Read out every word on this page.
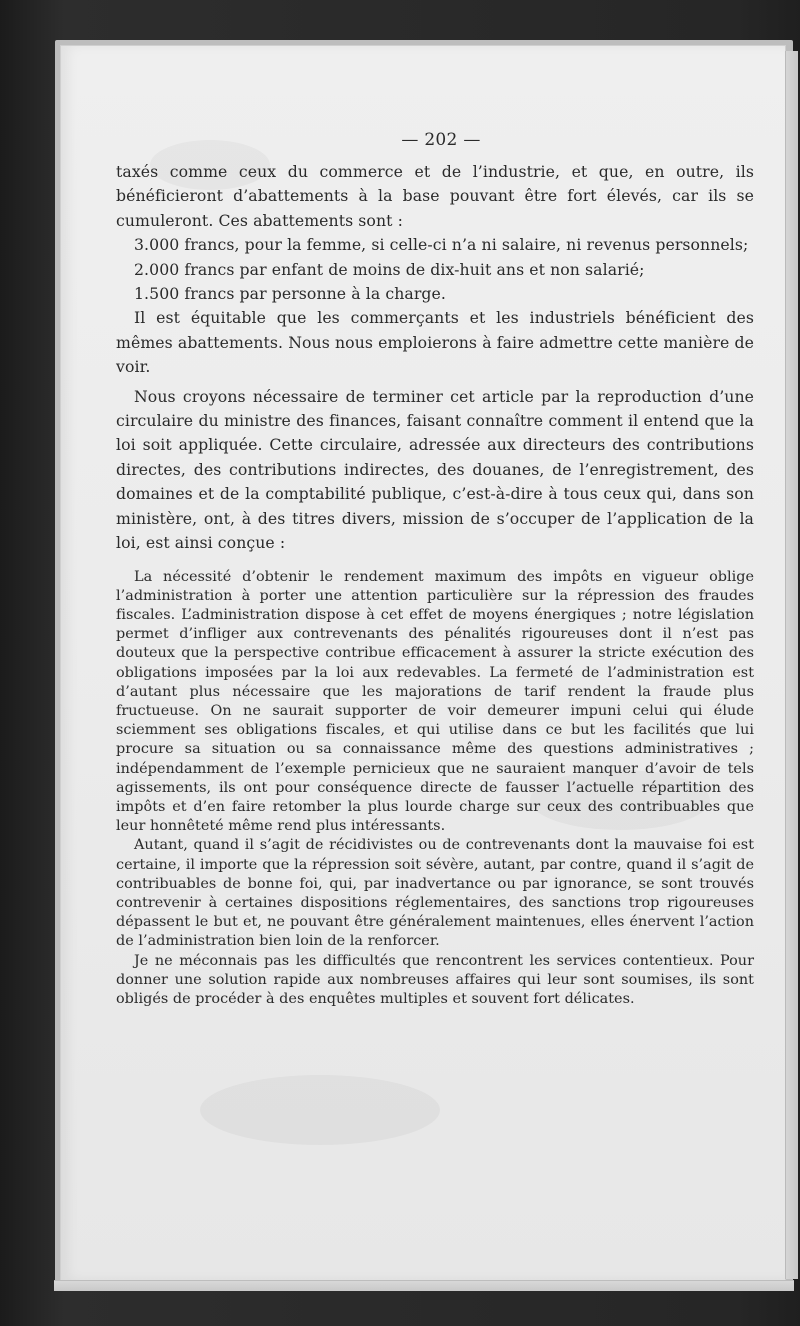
— 202 —

taxés comme ceux du commerce et de l’industrie, et que, en outre, ils bénéficieront d’abattements à la base pouvant être fort élevés, car ils se cumuleront. Ces abattements sont :

3.000 francs, pour la femme, si celle-ci n’a ni salaire, ni revenus personnels;

2.000 francs par enfant de moins de dix-huit ans et non salarié;

1.500 francs par personne à la charge.

Il est équitable que les commerçants et les industriels bénéficient des mêmes abattements. Nous nous emploierons à faire admettre cette manière de voir.

Nous croyons nécessaire de terminer cet article par la reproduction d’une circulaire du ministre des finances, faisant connaître comment il entend que la loi soit appliquée. Cette circulaire, adressée aux directeurs des contributions directes, des contributions indirectes, des douanes, de l’enregistrement, des domaines et de la comptabilité publique, c’est-à-dire à tous ceux qui, dans son ministère, ont, à des titres divers, mission de s’occuper de l’application de la loi, est ainsi conçue :

La nécessité d’obtenir le rendement maximum des impôts en vigueur oblige l’administration à porter une attention particulière sur la répression des fraudes fiscales. L’administration dispose à cet effet de moyens énergiques ; notre législation permet d’infliger aux contrevenants des pénalités rigoureuses dont il n’est pas douteux que la perspective contribue efficacement à assurer la stricte exécution des obligations imposées par la loi aux redevables. La fermeté de l’administration est d’autant plus nécessaire que les majorations de tarif rendent la fraude plus fructueuse. On ne saurait supporter de voir demeurer impuni celui qui élude sciemment ses obligations fiscales, et qui utilise dans ce but les facilités que lui procure sa situation ou sa connaissance même des questions administratives ; indépendamment de l’exemple pernicieux que ne sauraient manquer d’avoir de tels agissements, ils ont pour conséquence directe de fausser l’actuelle répartition des impôts et d’en faire retomber la plus lourde charge sur ceux des contribuables que leur honnêteté même rend plus intéressants.

Autant, quand il s’agit de récidivistes ou de contrevenants dont la mauvaise foi est certaine, il importe que la répression soit sévère, autant, par contre, quand il s’agit de contribuables de bonne foi, qui, par inadvertance ou par ignorance, se sont trouvés contrevenir à certaines dispositions réglementaires, des sanctions trop rigoureuses dépassent le but et, ne pouvant être généralement maintenues, elles énervent l’action de l’administration bien loin de la renforcer.

Je ne méconnais pas les difficultés que rencontrent les services contentieux. Pour donner une solution rapide aux nombreuses affaires qui leur sont soumises, ils sont obligés de procéder à des enquêtes multiples et souvent fort délicates.
